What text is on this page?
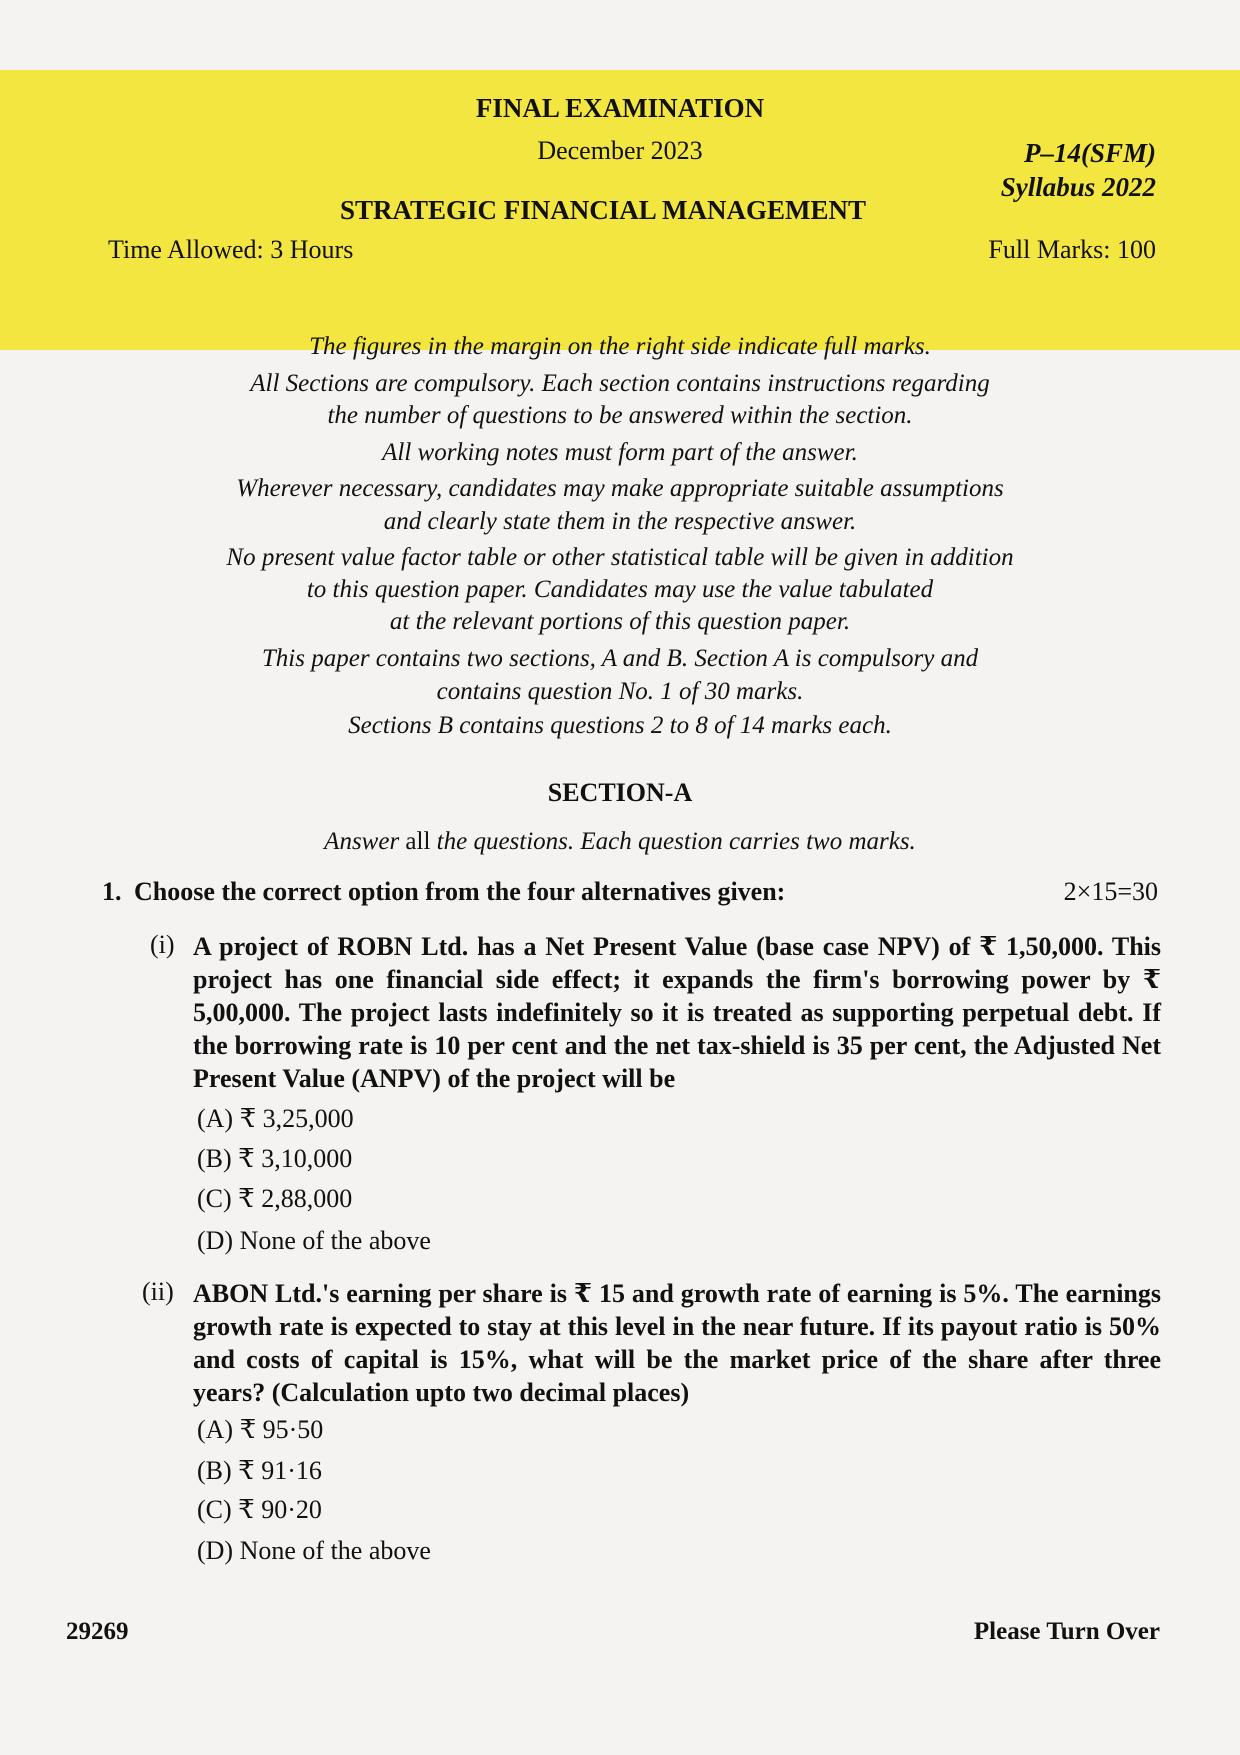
FINAL EXAMINATION
December 2023	P–14(SFM)
Syllabus 2022
STRATEGIC FINANCIAL MANAGEMENT
Time Allowed: 3 Hours	Full Marks: 100
The figures in the margin on the right side indicate full marks.
All Sections are compulsory. Each section contains instructions regarding
the number of questions to be answered within the section.
All working notes must form part of the answer.
Wherever necessary, candidates may make appropriate suitable assumptions
and clearly state them in the respective answer.
No present value factor table or other statistical table will be given in addition
to this question paper. Candidates may use the value tabulated
at the relevant portions of this question paper.
This paper contains two sections, A and B. Section A is compulsory and
contains question No. 1 of 30 marks.
Sections B contains questions 2 to 8 of 14 marks each.
SECTION-A
Answer all the questions. Each question carries two marks.
1. Choose the correct option from the four alternatives given:	2×15=30
(i) A project of ROBN Ltd. has a Net Present Value (base case NPV) of ₹ 1,50,000. This project has one financial side effect; it expands the firm's borrowing power by ₹ 5,00,000. The project lasts indefinitely so it is treated as supporting perpetual debt. If the borrowing rate is 10 per cent and the net tax-shield is 35 per cent, the Adjusted Net Present Value (ANPV) of the project will be
(A) ₹ 3,25,000
(B) ₹ 3,10,000
(C) ₹ 2,88,000
(D) None of the above
(ii) ABON Ltd.'s earning per share is ₹ 15 and growth rate of earning is 5%. The earnings growth rate is expected to stay at this level in the near future. If its payout ratio is 50% and costs of capital is 15%, what will be the market price of the share after three years? (Calculation upto two decimal places)
(A) ₹ 95·50
(B) ₹ 91·16
(C) ₹ 90·20
(D) None of the above
29269	Please Turn Over
